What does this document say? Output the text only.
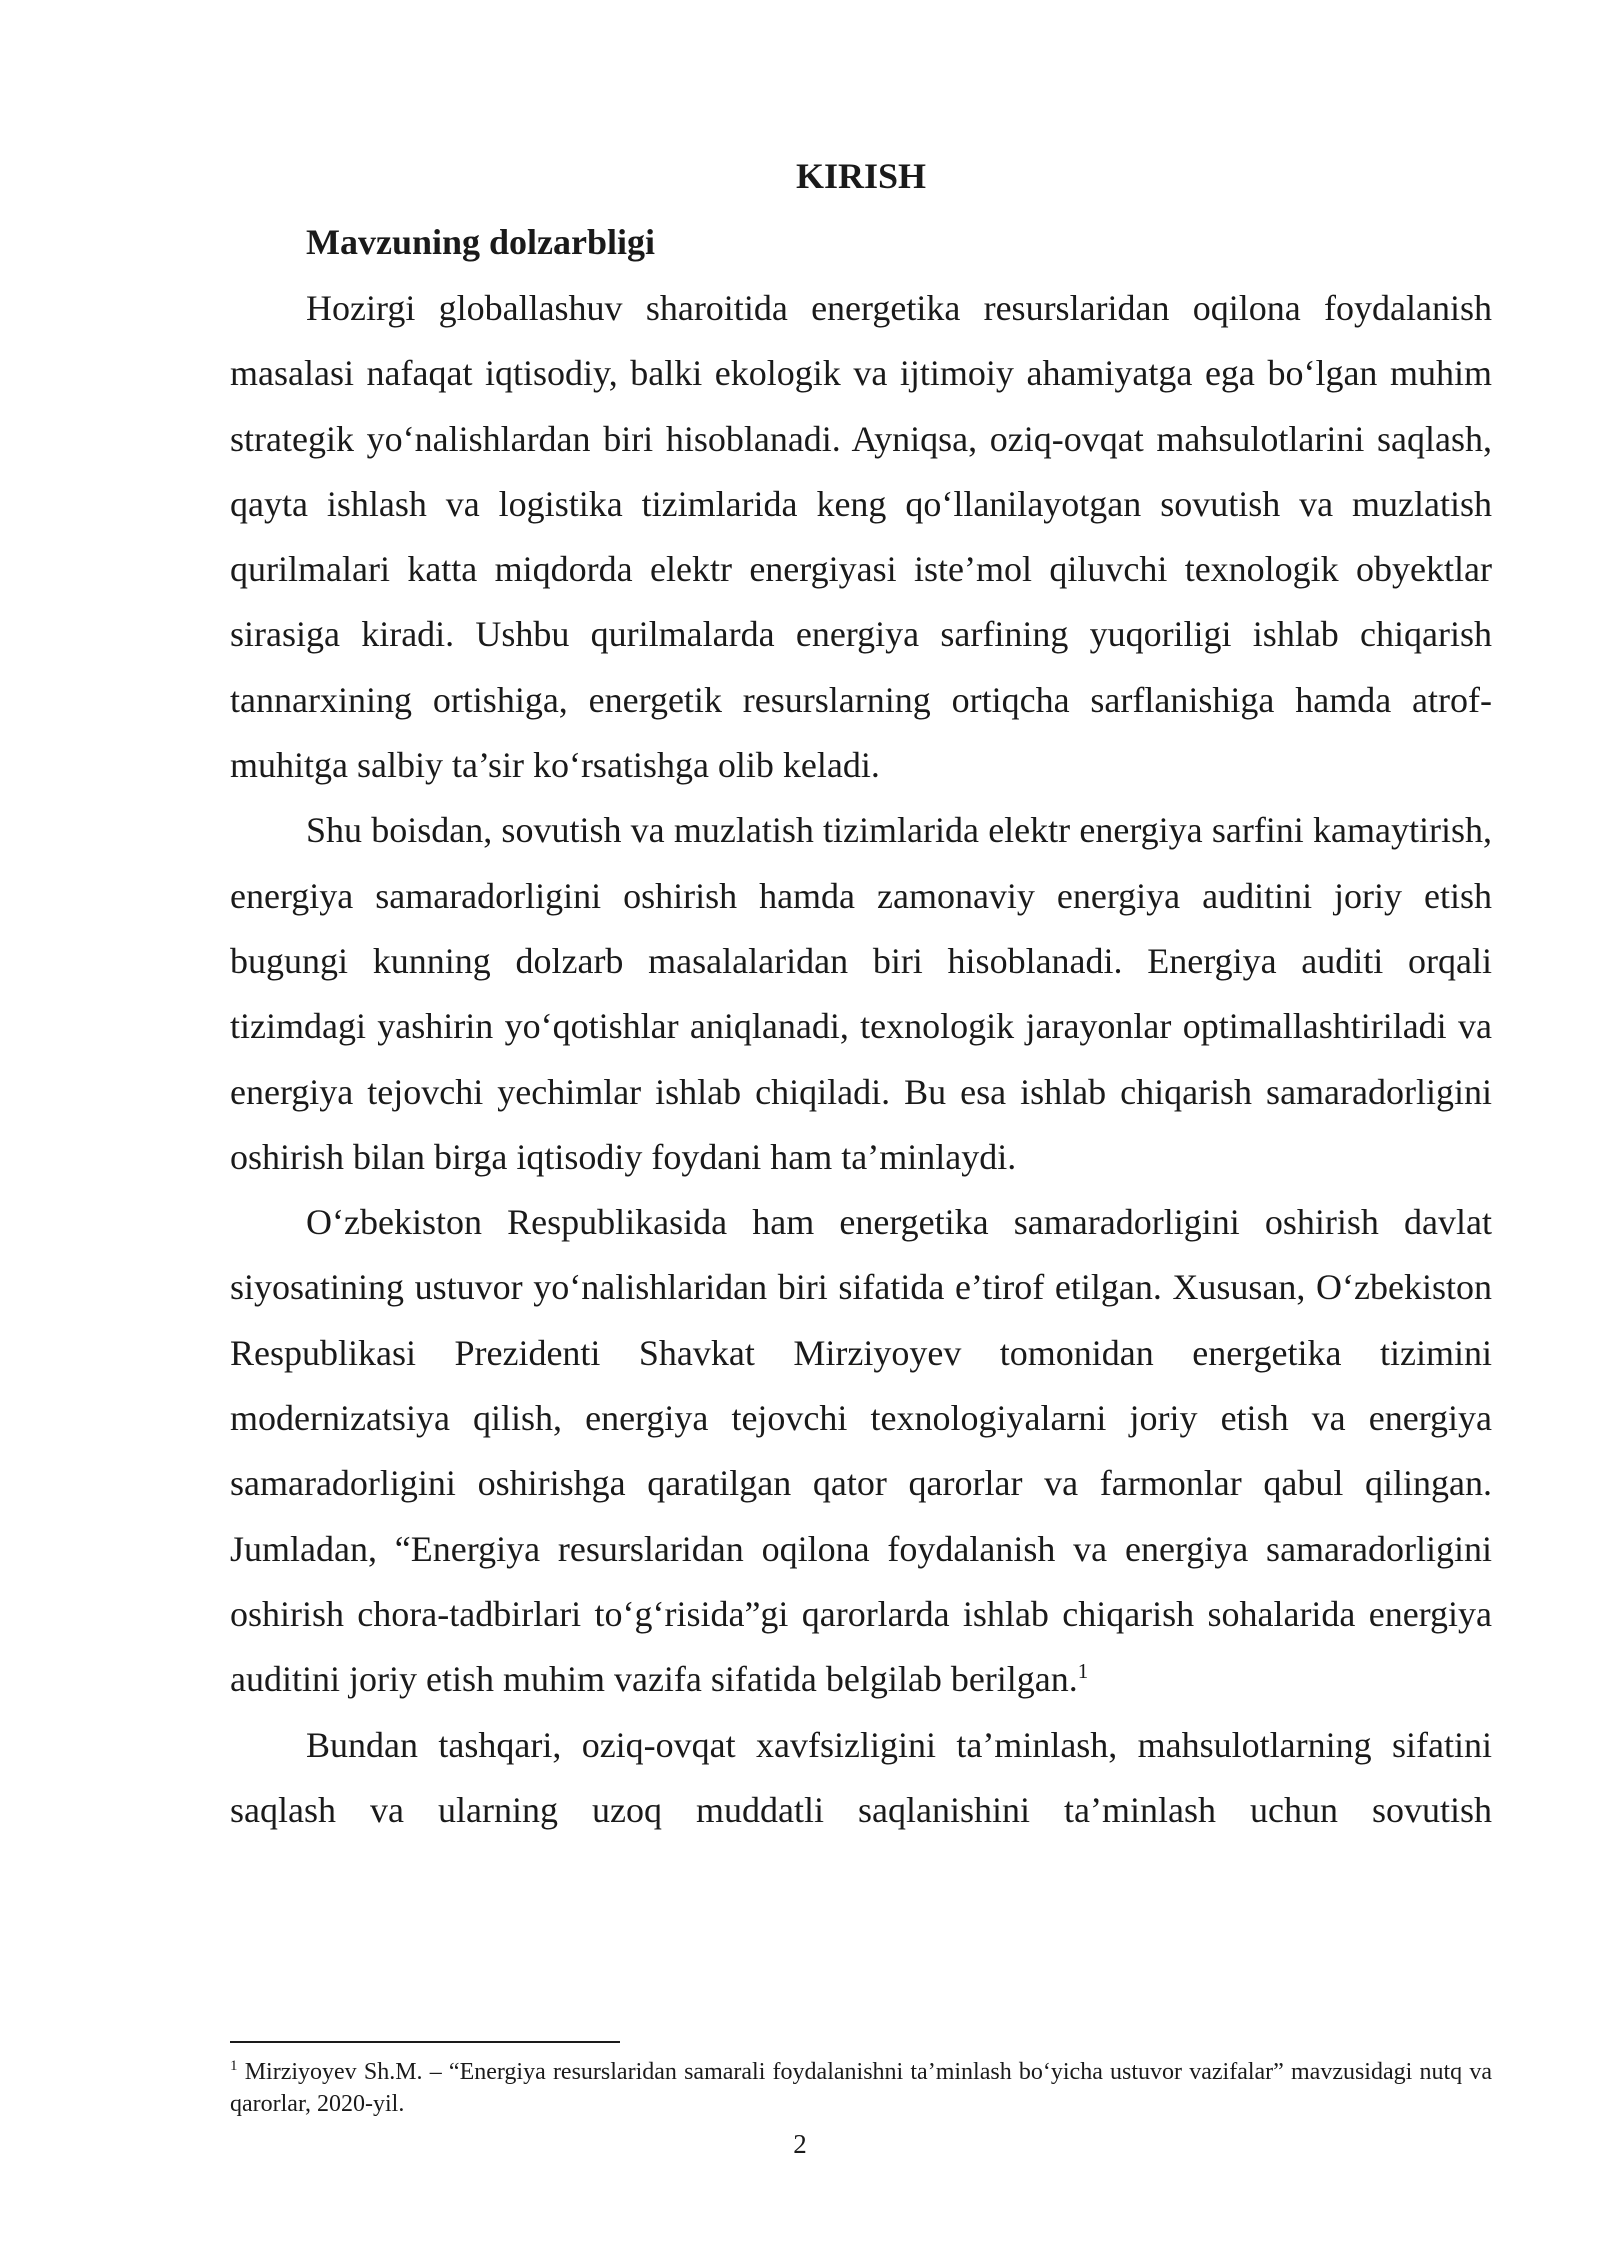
KIRISH
Mavzuning dolzarbligi

Hozirgi globallashuv sharoitida energetika resurslaridan oqilona foydalanish masalasi nafaqat iqtisodiy, balki ekologik va ijtimoiy ahamiyatga ega bo‘lgan muhim strategik yo‘nalishlardan biri hisoblanadi. Ayniqsa, oziq-ovqat mahsulotlarini saqlash, qayta ishlash va logistika tizimlarida keng qo‘llanilayotgan sovutish va muzlatish qurilmalari katta miqdorda elektr energiyasi iste’mol qiluvchi texnologik obyektlar sirasiga kiradi. Ushbu qurilmalarda energiya sarfining yuqoriligi ishlab chiqarish tannarxining ortishiga, energetik resurslarning ortiqcha sarflanishiga hamda atrof-muhitga salbiy ta’sir ko‘rsatishga olib keladi.

Shu boisdan, sovutish va muzlatish tizimlarida elektr energiya sarfini kamaytirish, energiya samaradorligini oshirish hamda zamonaviy energiya auditini joriy etish bugungi kunning dolzarb masalalaridan biri hisoblanadi. Energiya auditi orqali tizimdagi yashirin yo‘qotishlar aniqlanadi, texnologik jarayonlar optimallashtiriladi va energiya tejovchi yechimlar ishlab chiqiladi. Bu esa ishlab chiqarish samaradorligini oshirish bilan birga iqtisodiy foydani ham ta’minlaydi.

O‘zbekiston Respublikasida ham energetika samaradorligini oshirish davlat siyosatining ustuvor yo‘nalishlaridan biri sifatida e’tirof etilgan. Xususan, O‘zbekiston Respublikasi Prezidenti Shavkat Mirziyoyev tomonidan energetika tizimini modernizatsiya qilish, energiya tejovchi texnologiyalarni joriy etish va energiya samaradorligini oshirishga qaratilgan qator qarorlar va farmonlar qabul qilingan. Jumladan, “Energiya resurslaridan oqilona foydalanish va energiya samaradorligini oshirish chora-tadbirlari to‘g‘risida”gi qarorlarda ishlab chiqarish sohalarida energiya auditini joriy etish muhim vazifa sifatida belgilab berilgan.$^1$

Bundan tashqari, oziq-ovqat xavfsizligini ta’minlash, mahsulotlarning sifatini saqlash va ularning uzoq muddatli saqlanishini ta’minlash uchun sovutish

$^1$ Mirziyoyev Sh.M. – “Energiya resurslaridan samarali foydalanishni ta’minlash bo‘yicha ustuvor vazifalar” mavzusidagi nutq va qarorlar, 2020-yil.
2
